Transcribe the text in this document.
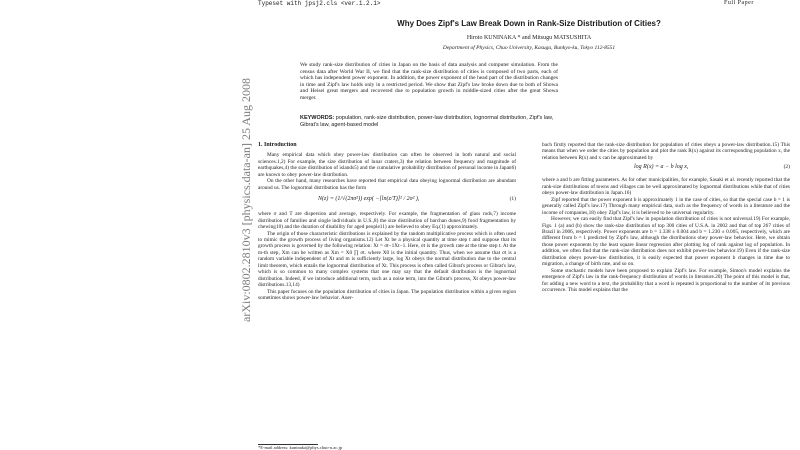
Typeset with jpsj2.cls <ver.1.2.1>	Full Paper
arXiv:0802.2810v3 [physics.data-an] 25 Aug 2008
Why Does Zipf's Law Break Down in Rank-Size Distribution of Cities?
Hiroto KUNINAKA * and Mitsugu MATSUSHITA
Department of Physics, Chuo University, Kasuga, Bunkyo-ku, Tokyo 112-8551
We study rank-size distribution of cities in Japan on the basis of data analysis and computer simulation. From the census data after World War II, we find that the rank-size distribution of cities is composed of two parts, each of which has independent power exponent. In addition, the power exponent of the head part of the distribution changes in time and Zipf's law holds only in a restricted period. We show that Zipf's law broke down due to both of Showa and Heisei great mergers and recovered due to population growth in middle-sized cities after the great Showa merger.
KEYWORDS: population, rank-size distribution, power-law distribution, lognormal distribution, Zipf's law, Gibrat's law, agent-based model
1. Introduction

Many empirical data which obey power-law distribution can often be observed in both natural and social sciences.1,2) For example, the size distribution of lunar craters,3) the relation between frequency and magnitude of earthquakes,4) the size distribution of islands5) and the cumulative probability distribution of personal income in Japan6) are known to obey power-law distribution.

On the other hand, many researches have reported that empirical data obeying lognormal distribution are abundant around us. The lognormal distribution has the form

N(z) = (1/√(2πσ²)) exp( −[ln(z/T)]² / 2σ² ),	(1)

where σ and T are dispersion and average, respectively. For example, the fragmentation of glass rods,7) income distribution of families and single individuals in U.S.,8) the size distribution of barchan dunes,9) food fragmentation by chewing10) and the duration of disability for aged people11) are believed to obey Eq.(1) approximately.

The origin of those characteristic distributions is explained by the random multiplicative process which is often used to mimic the growth process of living organisms.12) Let Xt be a physical quantity at time step t and suppose that its growth process is governed by the following relation: Xt = σt−1Xt−1. Here, σt is the growth rate at the time step t. At the m-th step, Xm can be written as Xm = X0 ∏ σt. where X0 is the initial quantity. Thus, when we assume that σt is a random variable independent of Xt and m is sufficiently large, log Xt obeys the normal distribution due to the central limit theorem, which entails the lognormal distribution of Xt. This process is often called Gibrat's process or Gibrat's law, which is so common to many complex systems that one may say that the default distribution is the lognormal distribution. Indeed, if we introduce additional term, such as a noise term, into the Gibrat's process, Xt obeys power-law distributions.13,14)

This paper focuses on the population distribution of cities in Japan. The population distribution within a given region sometimes shows power-law behavior. Auer-

bach firstly reported that the rank-size distribution for population of cities obeys a power-law distribution.15) This means that when we order the cities by population and plot the rank R(x) against its corresponding population x, the relation between R(x) and x can be approximated by

log R(x) = a − b log x,	(2)

where a and b are fitting parameters. As for other municipalities, for example, Sasaki et al. recently reported that the rank-size distributions of towns and villages can be well approximated by lognormal distributions while that of cities obeys power-law distribution in Japan.16)

Zipf reported that the power exponent b is approximately 1 in the case of cities, so that the special case b = 1 is generally called Zipf's law.17) Through many empirical data, such as the frequency of words in a literature and the income of companies,18) obey Zipf's law, it is believed to be universal regularity.

However, we can easily find that Zipf's law in population distribution of cities is not universal.19) For example, Figs. 1 (a) and (b) show the rank-size distribution of top 300 cities of U.S.A. in 2002 and that of top 267 cities of Brazil in 2006, respectively. Power exponents are b = 1.338 ± 0.004 and b = 1.230 ± 0.005, respectively, which are different from b = 1 predicted by Zipf's law, although the distributions obey power-law behavior. Here, we obtain those power exponents by the least square linear regression after plotting log of rank against log of population. In addition, we often find that the rank-size distribution does not exhibit power-law behavior.19) Even if the rank-size distribution obeys power-law distribution, it is easily expected that power exponent b changes in time due to migration, a change of birth rate, and so on.

Some stochastic models have been proposed to explain Zipf's law. For example, Simon's model explains the emergence of Zipf's law in the rank-frequency distribution of words in literature.20) The point of this model is that, for adding a new word to a text, the probability that a word is repeated is proportional to the number of its previous occurrence. This model explains that the

*E-mail address: kuninaka@phys.chuo-u.ac.jp
